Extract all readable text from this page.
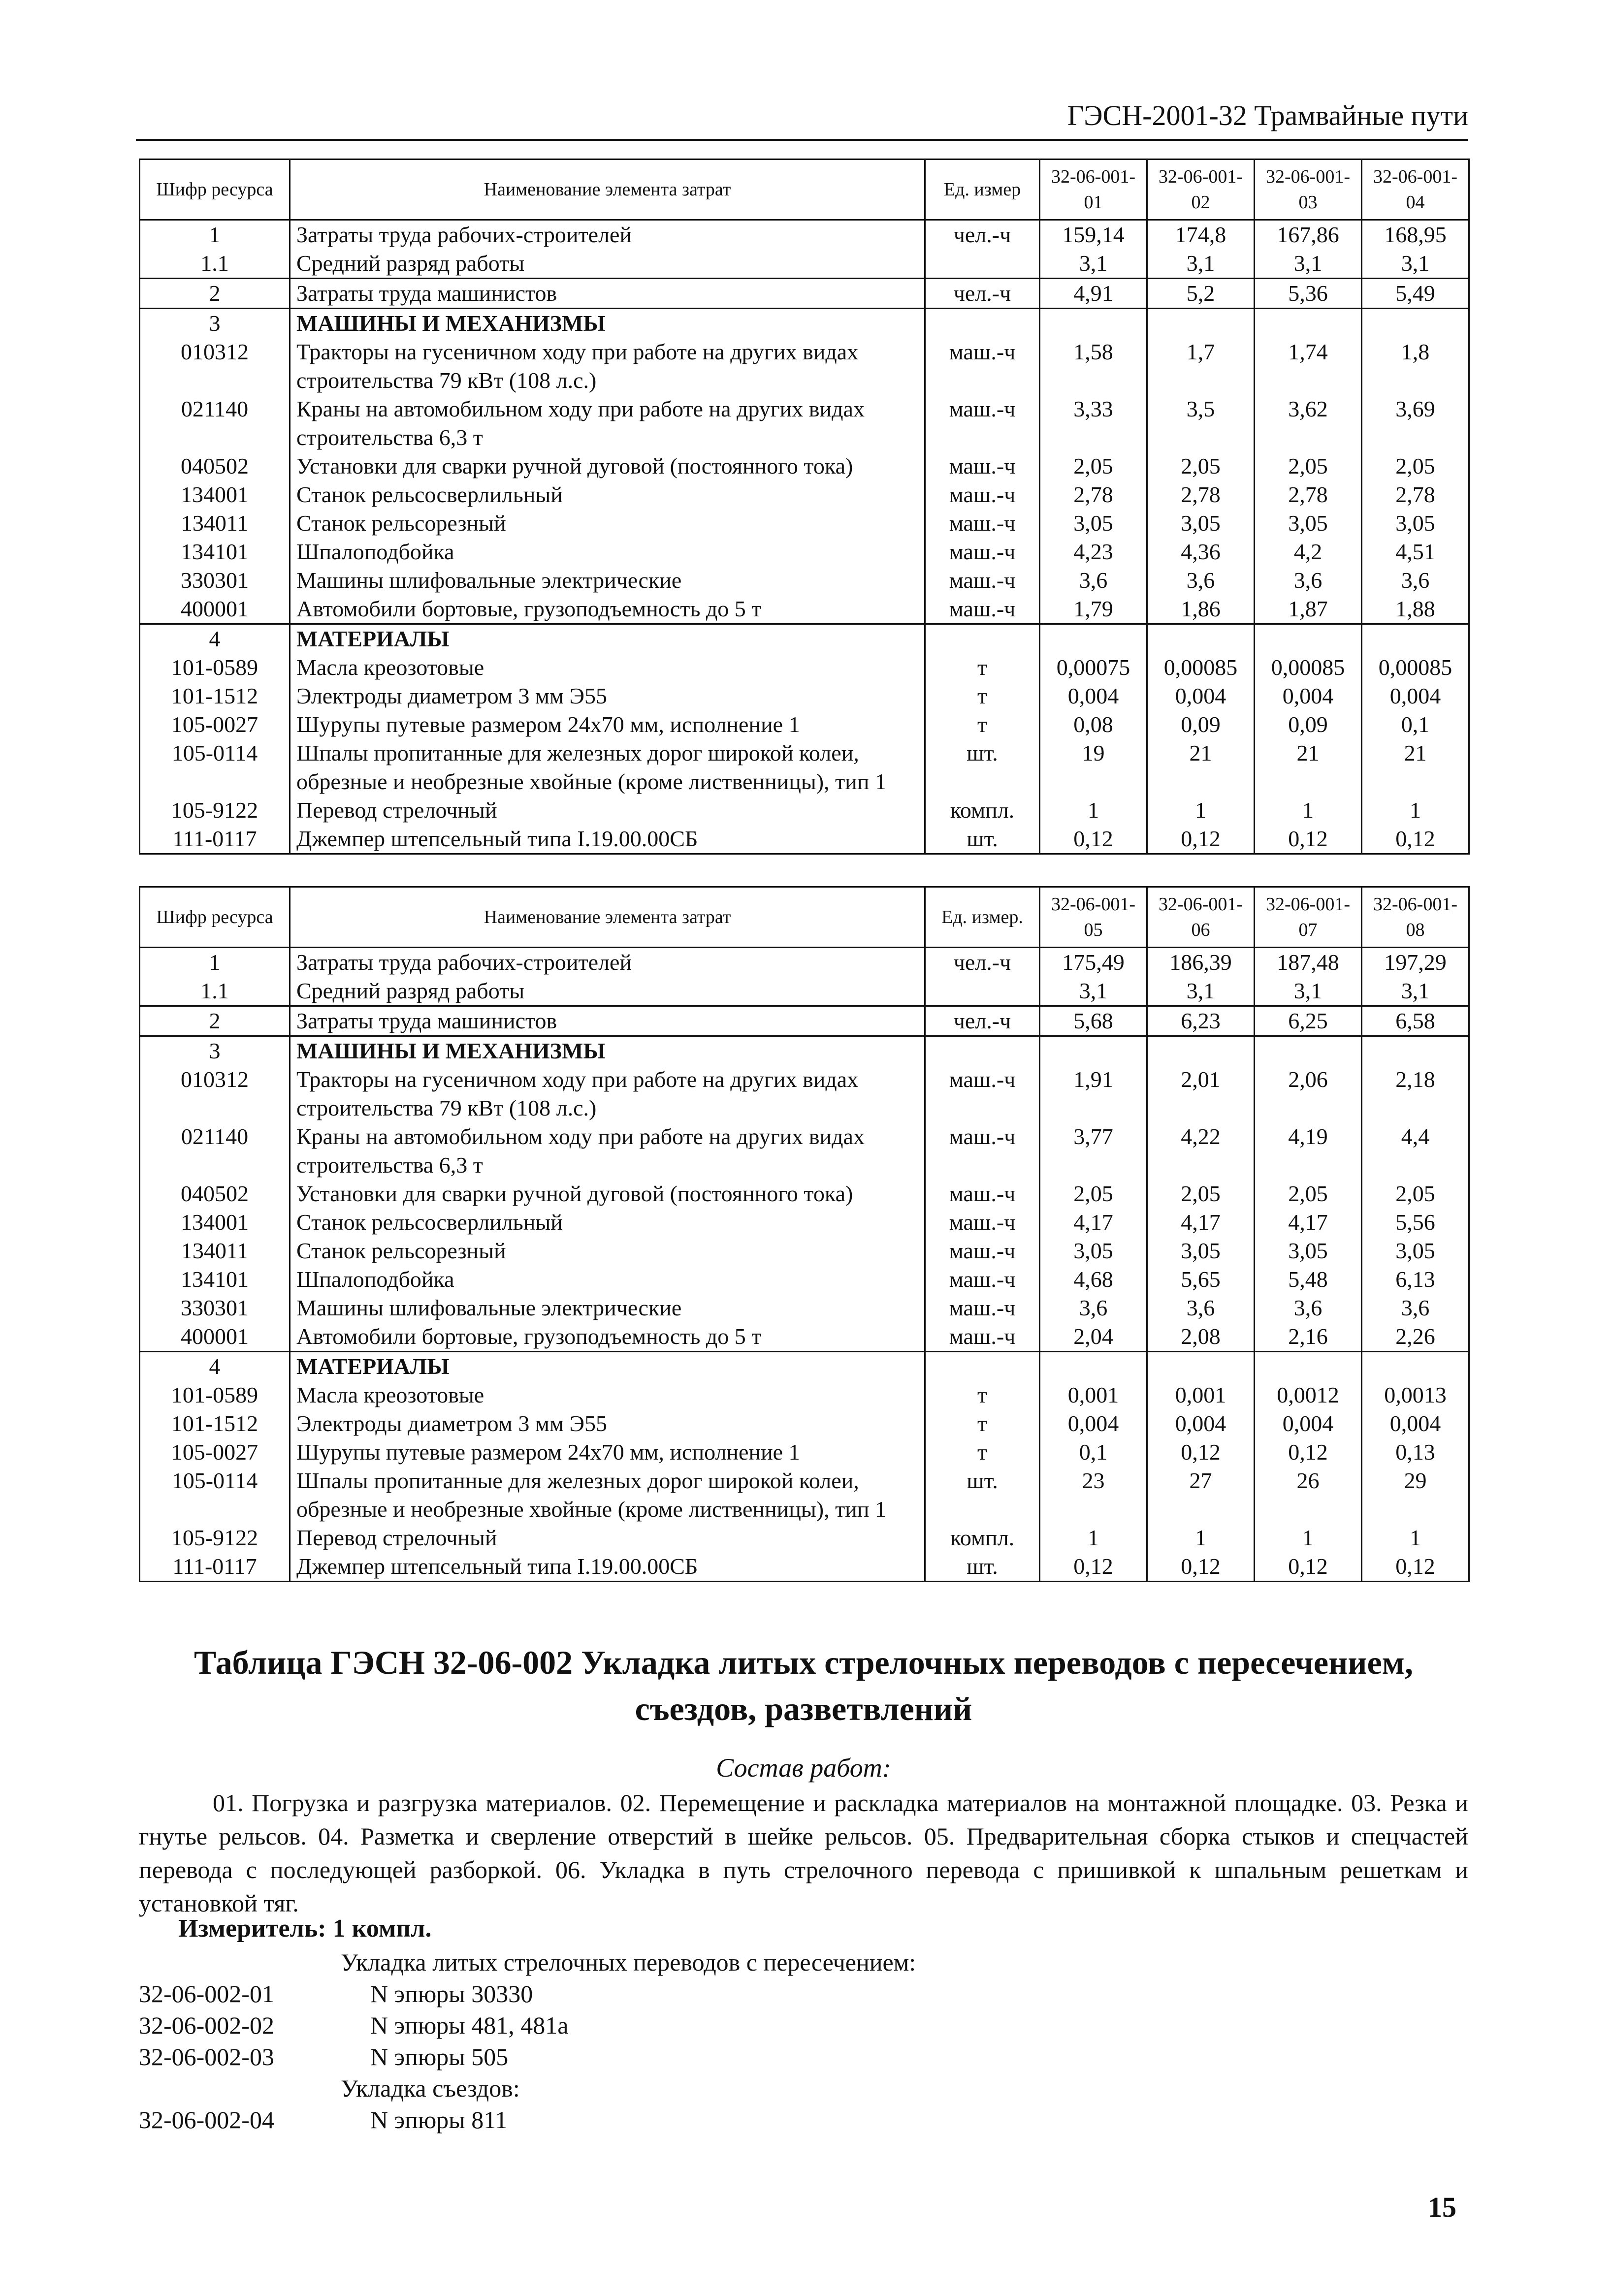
ГЭСН-2001-32 Трамвайные пути
Шифр ресурса	Наименование элемента затрат	Ед. измер	32-06-001-01	32-06-001-02	32-06-001-03	32-06-001-04
1	Затраты труда рабочих-строителей	чел.-ч	159,14	174,8	167,86	168,95
1.1	Средний разряд работы		3,1	3,1	3,1	3,1
2	Затраты труда машинистов	чел.-ч	4,91	5,2	5,36	5,49
3	МАШИНЫ И МЕХАНИЗМЫ					
010312	Тракторы на гусеничном ходу при работе на других видах строительства 79 кВт (108 л.с.)	маш.-ч	1,58	1,7	1,74	1,8
021140	Краны на автомобильном ходу при работе на других видах строительства 6,3 т	маш.-ч	3,33	3,5	3,62	3,69
040502	Установки для сварки ручной дуговой (постоянного тока)	маш.-ч	2,05	2,05	2,05	2,05
134001	Станок рельсосверлильный	маш.-ч	2,78	2,78	2,78	2,78
134011	Станок рельсорезный	маш.-ч	3,05	3,05	3,05	3,05
134101	Шпалоподбойка	маш.-ч	4,23	4,36	4,2	4,51
330301	Машины шлифовальные электрические	маш.-ч	3,6	3,6	3,6	3,6
400001	Автомобили бортовые, грузоподъемность до 5 т	маш.-ч	1,79	1,86	1,87	1,88
4	МАТЕРИАЛЫ					
101-0589	Масла креозотовые	т	0,00075	0,00085	0,00085	0,00085
101-1512	Электроды диаметром 3 мм Э55	т	0,004	0,004	0,004	0,004
105-0027	Шурупы путевые размером 24х70 мм, исполнение 1	т	0,08	0,09	0,09	0,1
105-0114	Шпалы пропитанные для железных дорог широкой колеи, обрезные и необрезные хвойные (кроме лиственницы), тип 1	шт.	19	21	21	21
105-9122	Перевод стрелочный	компл.	1	1	1	1
111-0117	Джемпер штепсельный типа I.19.00.00СБ	шт.	0,12	0,12	0,12	0,12
Шифр ресурса	Наименование элемента затрат	Ед. измер.	32-06-001-05	32-06-001-06	32-06-001-07	32-06-001-08
1	Затраты труда рабочих-строителей	чел.-ч	175,49	186,39	187,48	197,29
1.1	Средний разряд работы		3,1	3,1	3,1	3,1
2	Затраты труда машинистов	чел.-ч	5,68	6,23	6,25	6,58
3	МАШИНЫ И МЕХАНИЗМЫ					
010312	Тракторы на гусеничном ходу при работе на других видах строительства 79 кВт (108 л.с.)	маш.-ч	1,91	2,01	2,06	2,18
021140	Краны на автомобильном ходу при работе на других видах строительства 6,3 т	маш.-ч	3,77	4,22	4,19	4,4
040502	Установки для сварки ручной дуговой (постоянного тока)	маш.-ч	2,05	2,05	2,05	2,05
134001	Станок рельсосверлильный	маш.-ч	4,17	4,17	4,17	5,56
134011	Станок рельсорезный	маш.-ч	3,05	3,05	3,05	3,05
134101	Шпалоподбойка	маш.-ч	4,68	5,65	5,48	6,13
330301	Машины шлифовальные электрические	маш.-ч	3,6	3,6	3,6	3,6
400001	Автомобили бортовые, грузоподъемность до 5 т	маш.-ч	2,04	2,08	2,16	2,26
4	МАТЕРИАЛЫ					
101-0589	Масла креозотовые	т	0,001	0,001	0,0012	0,0013
101-1512	Электроды диаметром 3 мм Э55	т	0,004	0,004	0,004	0,004
105-0027	Шурупы путевые размером 24х70 мм, исполнение 1	т	0,1	0,12	0,12	0,13
105-0114	Шпалы пропитанные для железных дорог широкой колеи, обрезные и необрезные хвойные (кроме лиственницы), тип 1	шт.	23	27	26	29
105-9122	Перевод стрелочный	компл.	1	1	1	1
111-0117	Джемпер штепсельный типа I.19.00.00СБ	шт.	0,12	0,12	0,12	0,12
Таблица ГЭСН 32-06-002 Укладка литых стрелочных переводов с пересечением, съездов, разветвлений
Состав работ:
01. Погрузка и разгрузка материалов. 02. Перемещение и раскладка материалов на монтажной площадке. 03. Резка и гнутье рельсов. 04. Разметка и сверление отверстий в шейке рельсов. 05. Предварительная сборка стыков и спецчастей перевода с последующей разборкой. 06. Укладка в путь стрелочного перевода с пришивкой к шпальным решеткам и установкой тяг.
Измеритель: 1 компл.
Укладка литых стрелочных переводов с пересечением:
32-06-002-01	N эпюры 30330
32-06-002-02	N эпюры 481, 481а
32-06-002-03	N эпюры 505
Укладка съездов:
32-06-002-04	N эпюры 811
15
